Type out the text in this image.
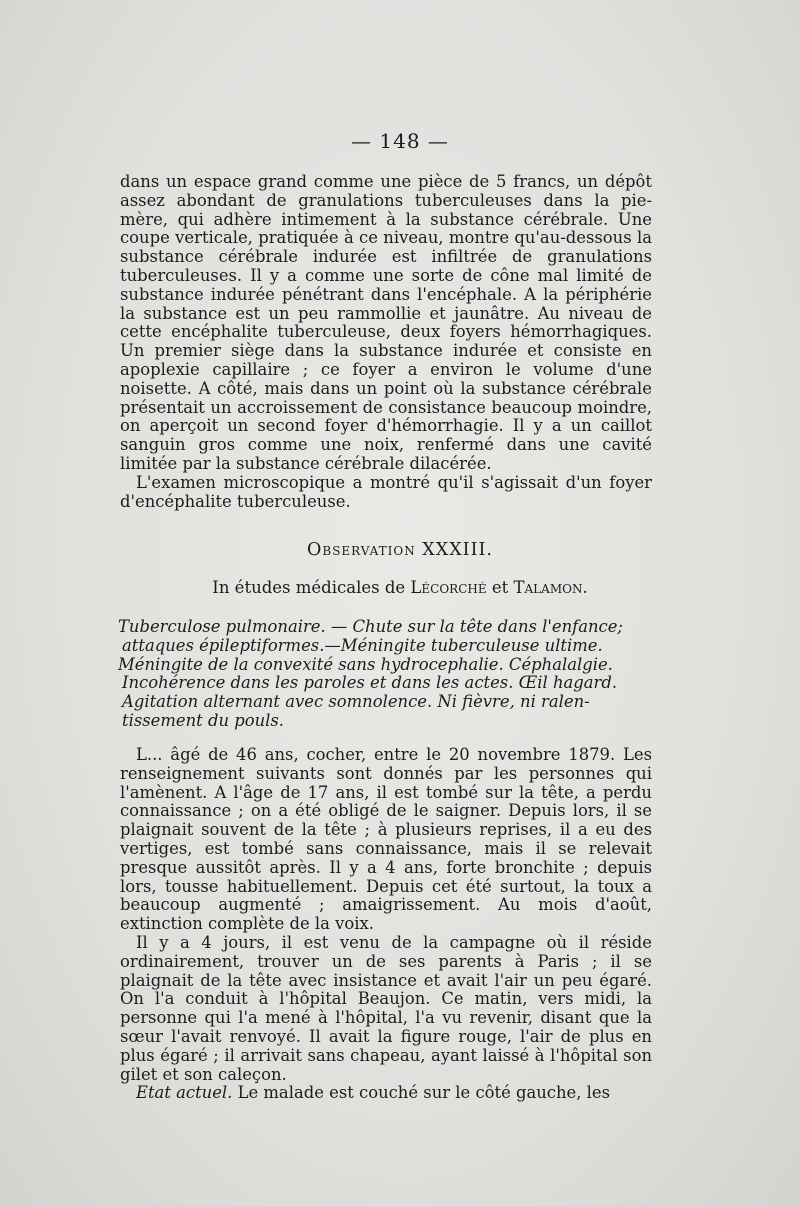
— 148 —

dans un espace grand comme une pièce de 5 francs, un dépôt assez abondant de granulations tuberculeuses dans la pie-mère, qui adhère intimement à la substance cérébrale. Une coupe verticale, pratiquée à ce niveau, montre qu'au-dessous la substance cérébrale indurée est infiltrée de granulations tuberculeuses. Il y a comme une sorte de cône mal limité de substance indurée pénétrant dans l'encéphale. A la périphérie la substance est un peu rammollie et jaunâtre. Au niveau de cette encéphalite tuberculeuse, deux foyers hémorrhagiques. Un premier siège dans la substance indurée et consiste en apoplexie capillaire ; ce foyer a environ le volume d'une noisette. A côté, mais dans un point où la substance cérébrale présentait un accroissement de consistance beaucoup moindre, on aperçoit un second foyer d'hémorrhagie. Il y a un caillot sanguin gros comme une noix, renfermé dans une cavité limitée par la substance cérébrale dilacérée.

L'examen microscopique a montré qu'il s'agissait d'un foyer d'encéphalite tuberculeuse.

Observation XXXIII.
In études médicales de Lécorché et Talamon.
Tuberculose pulmonaire. — Chute sur la tête dans l'enfance;
attaques épileptiformes.—Méningite tuberculeuse ultime.
Méningite de la convexité sans hydrocephalie. Céphalalgie.
Incohérence dans les paroles et dans les actes. Œil hagard.
Agitation alternant avec somnolence. Ni fièvre, ni ralen-
tissement du pouls.

L... âgé de 46 ans, cocher, entre le 20 novembre 1879. Les renseignement suivants sont donnés par les personnes qui l'amènent. A l'âge de 17 ans, il est tombé sur la tête, a perdu connaissance ; on a été obligé de le saigner. Depuis lors, il se plaignait souvent de la tête ; à plusieurs reprises, il a eu des vertiges, est tombé sans connaissance, mais il se relevait presque aussitôt après. Il y a 4 ans, forte bronchite ; depuis lors, tousse habituellement. Depuis cet été surtout, la toux a beaucoup augmenté ; amaigrissement. Au mois d'août, extinction complète de la voix.

Il y a 4 jours, il est venu de la campagne où il réside ordinairement, trouver un de ses parents à Paris ; il se plaignait de la tête avec insistance et avait l'air un peu égaré. On l'a conduit à l'hôpital Beaujon. Ce matin, vers midi, la personne qui l'a mené à l'hôpital, l'a vu revenir, disant que la sœur l'avait renvoyé. Il avait la figure rouge, l'air de plus en plus égaré ; il arrivait sans chapeau, ayant laissé à l'hôpital son gilet et son caleçon.

Etat actuel. Le malade est couché sur le côté gauche, les
